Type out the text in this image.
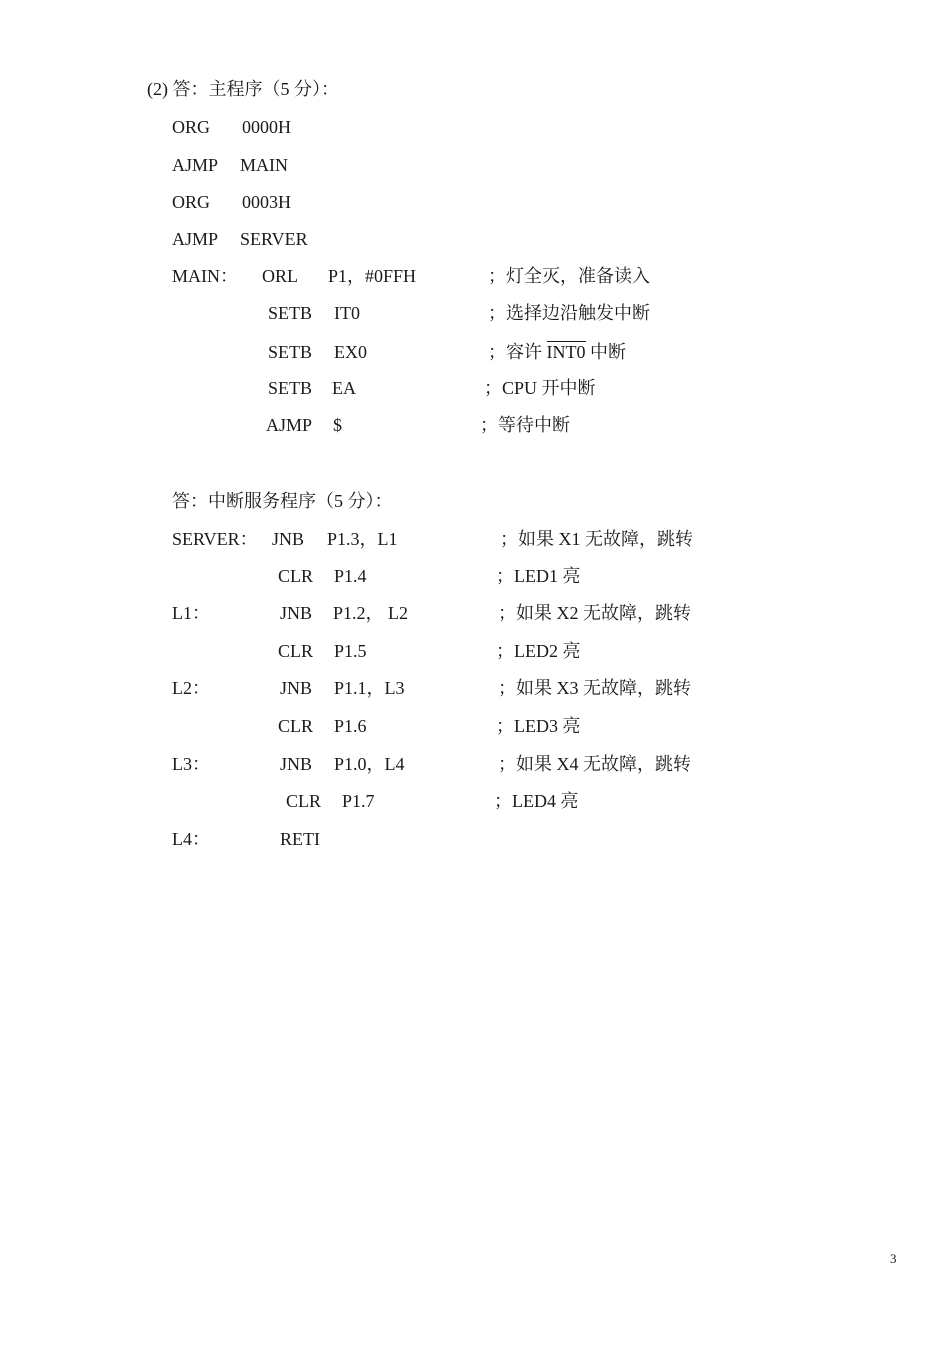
(2) 答：主程序（5 分）：
ORG 0000H
AJMP MAIN
ORG 0003H
AJMP SERVER
MAIN： ORL P1，#0FFH	；灯全灭，准备读入
SETB IT0	；选择边沿触发中断
SETB EX0	；容许 INT0 中断
SETB EA	；CPU 开中断
AJMP $	；等待中断
答：中断服务程序（5 分）：
SERVER： JNB P1.3，L1	；如果 X1 无故障，跳转
CLR P1.4	；LED1 亮
L1：	JNB P1.2， L2	；如果 X2 无故障，跳转
CLR P1.5	；LED2 亮
L2：	JNB P1.1，L3	；如果 X3 无故障，跳转
CLR P1.6	；LED3 亮
L3：	JNB P1.0，L4	；如果 X4 无故障，跳转
CLR P1.7	；LED4 亮
L4：	RETI
3
